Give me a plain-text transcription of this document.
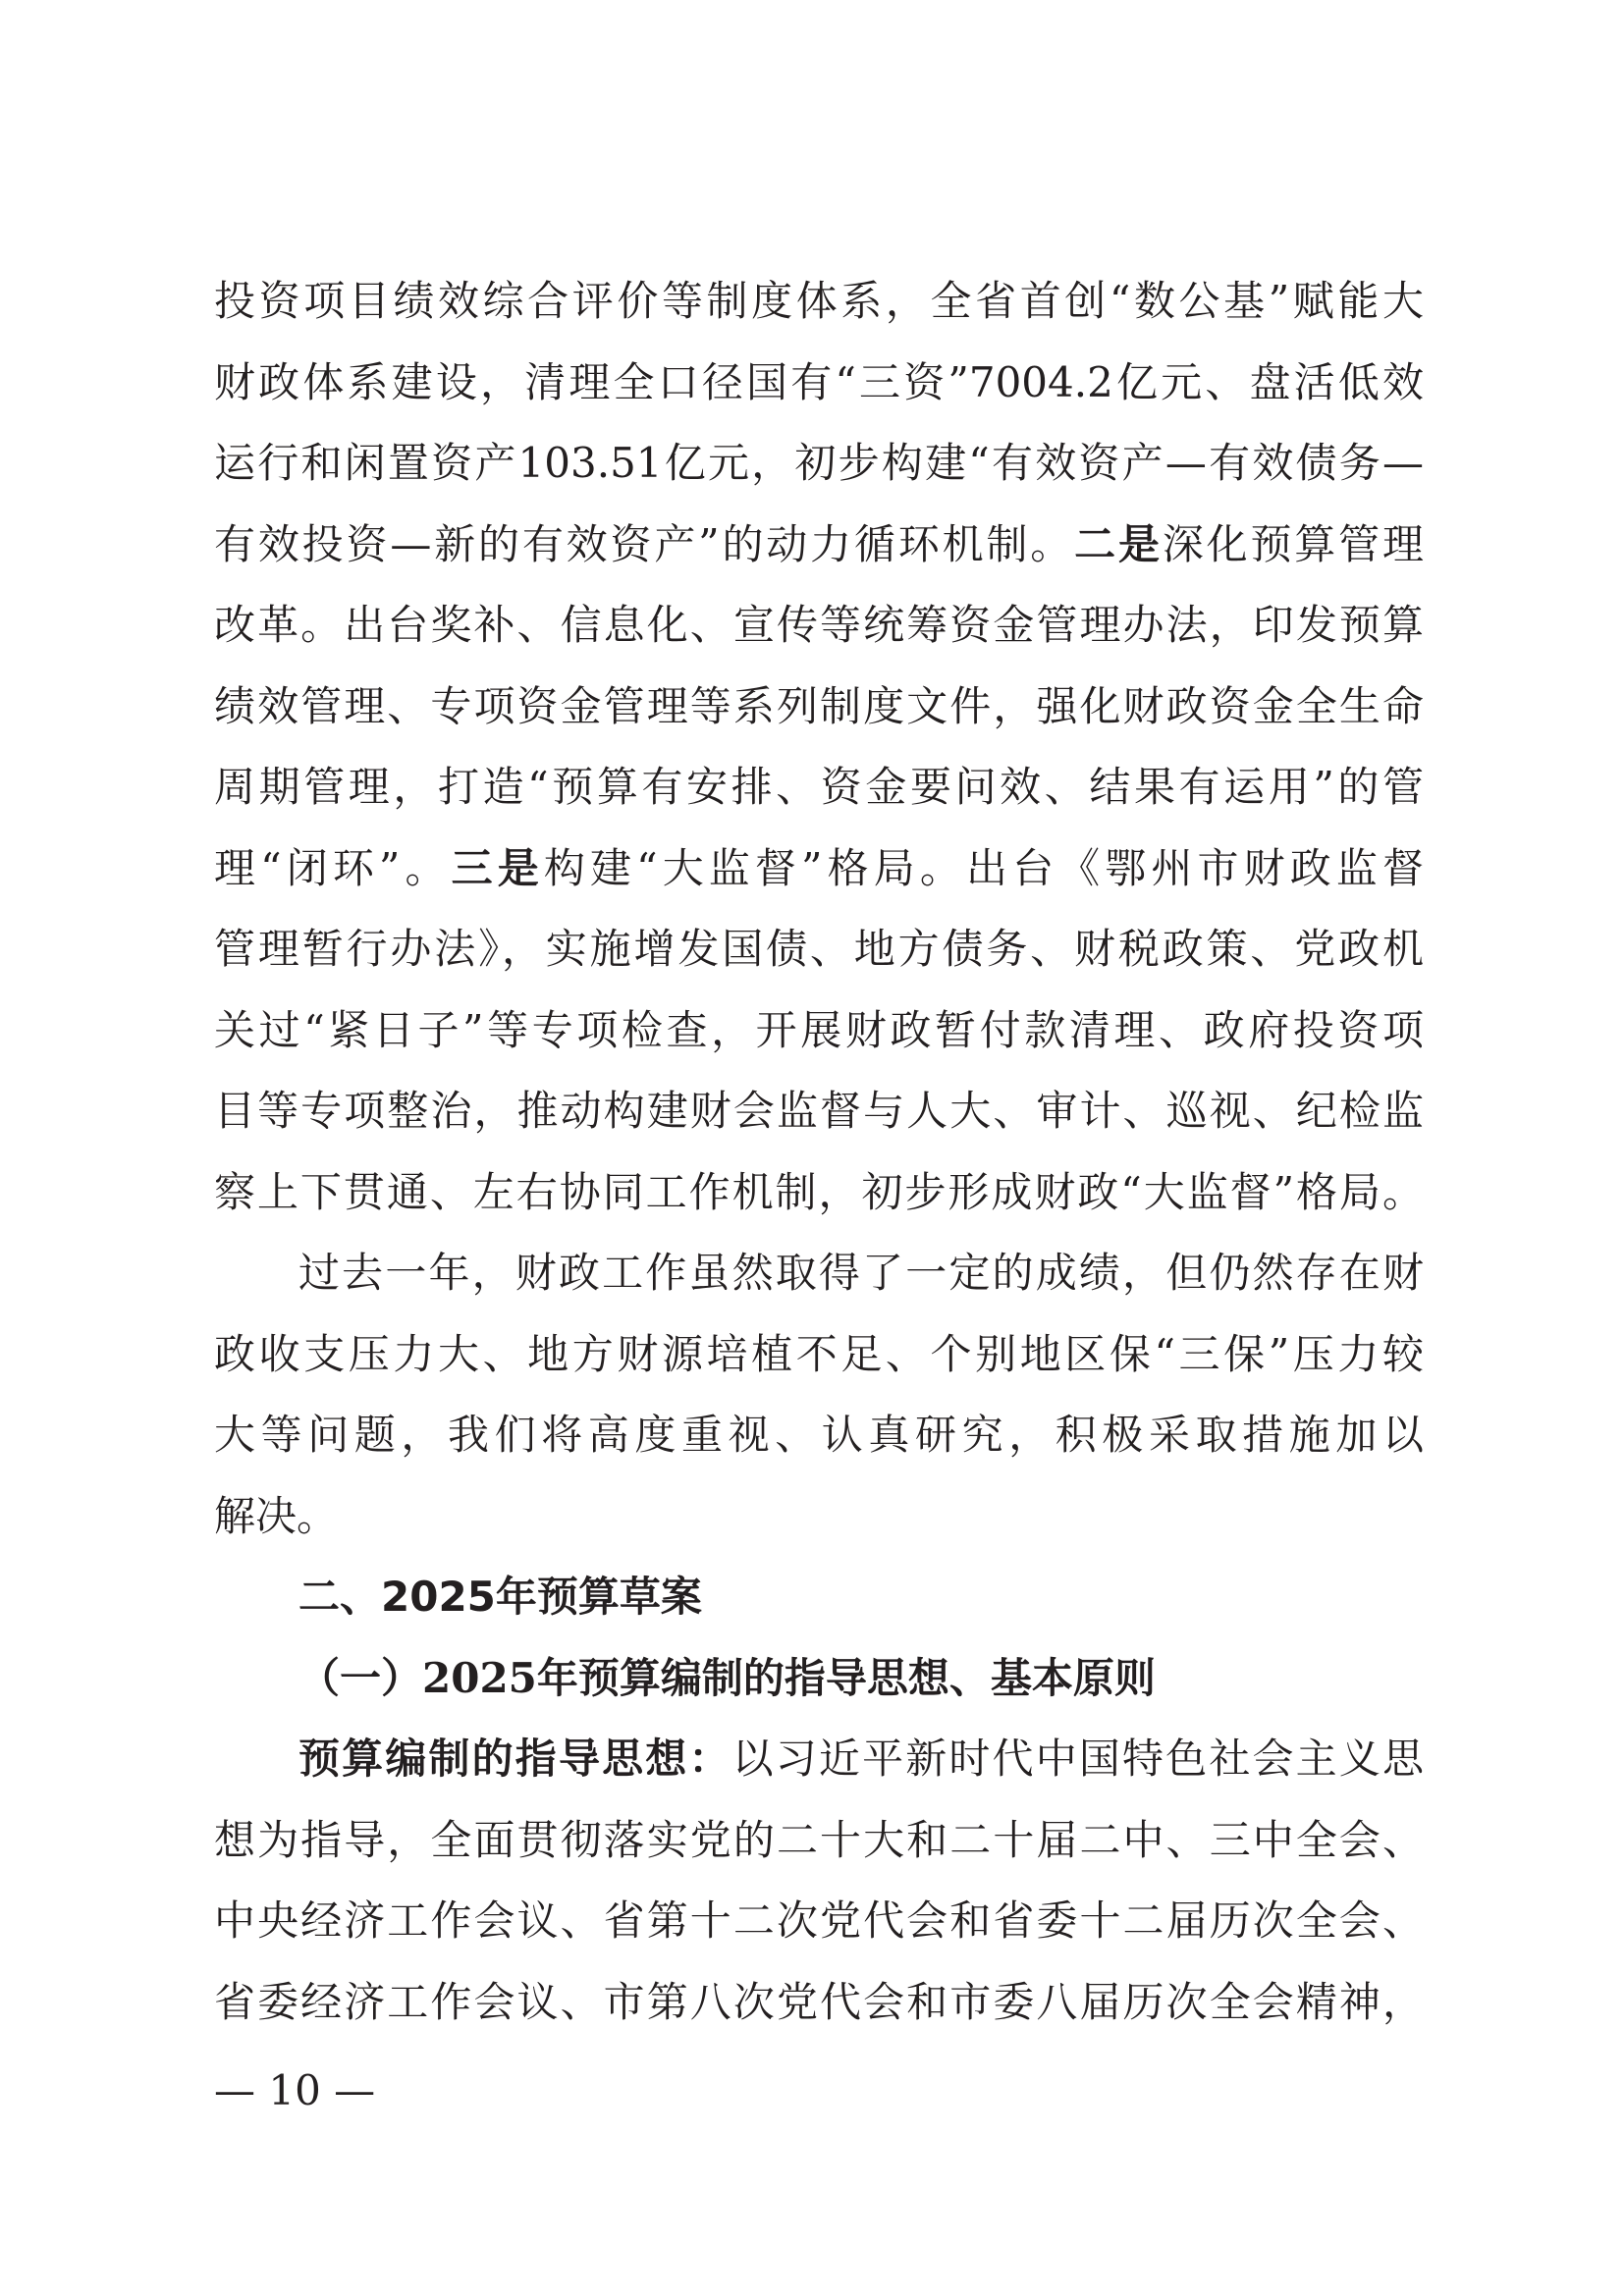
投资项目绩效综合评价等制度体系，全省首创“数公基”赋能大
财政体系建设，清理全口径国有“三资”7004.2亿元、盘活低效
运行和闲置资产103.51亿元，初步构建“有效资产—有效债务—
有效投资—新的有效资产”的动力循环机制。二是深化预算管理
改革。出台奖补、信息化、宣传等统筹资金管理办法，印发预算
绩效管理、专项资金管理等系列制度文件，强化财政资金全生命
周期管理，打造“预算有安排、资金要问效、结果有运用”的管
理“闭环”。三是构建“大监督”格局。出台《鄂州市财政监督
管理暂行办法》，实施增发国债、地方债务、财税政策、党政机
关过“紧日子”等专项检查，开展财政暂付款清理、政府投资项
目等专项整治，推动构建财会监督与人大、审计、巡视、纪检监
察上下贯通、左右协同工作机制，初步形成财政“大监督”格局。
过去一年，财政工作虽然取得了一定的成绩，但仍然存在财
政收支压力大、地方财源培植不足、个别地区保“三保”压力较
大等问题，我们将高度重视、认真研究，积极采取措施加以
解决。
二、2025年预算草案
（一）2025年预算编制的指导思想、基本原则
预算编制的指导思想：以习近平新时代中国特色社会主义思
想为指导，全面贯彻落实党的二十大和二十届二中、三中全会、
中央经济工作会议、省第十二次党代会和省委十二届历次全会、
省委经济工作会议、市第八次党代会和市委八届历次全会精神，
— 10 —
